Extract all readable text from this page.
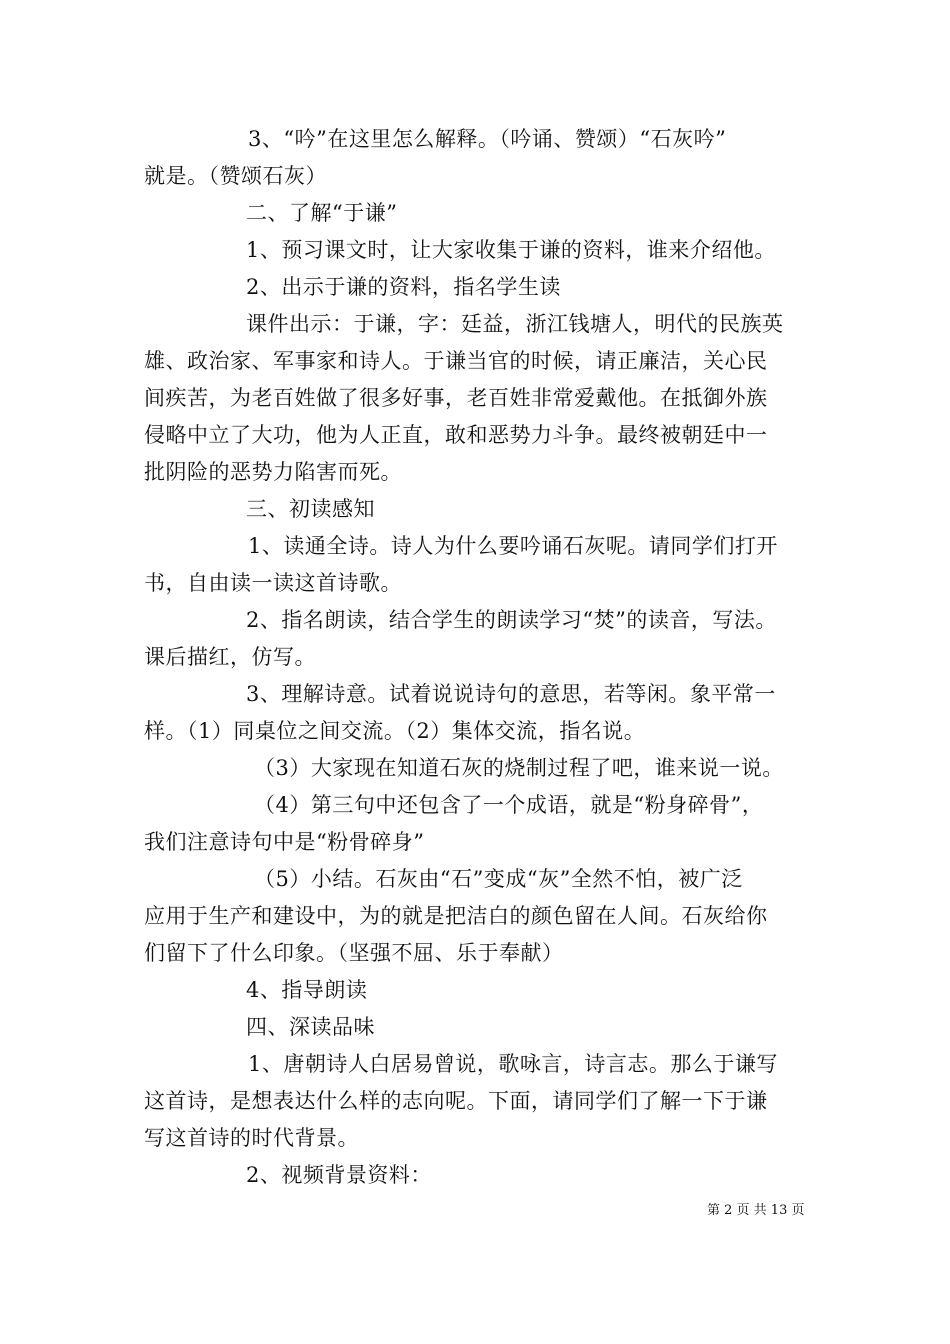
3、“吟”在这里怎么解释。（吟诵、赞颂）“石灰吟”
就是。（赞颂石灰）
二、了解“于谦”
1、预习课文时，让大家收集于谦的资料，谁来介绍他。
2、出示于谦的资料，指名学生读
课件出示：于谦，字：廷益，浙江钱塘人，明代的民族英
雄、政治家、军事家和诗人。于谦当官的时候，请正廉洁，关心民
间疾苦，为老百姓做了很多好事，老百姓非常爱戴他。在抵御外族
侵略中立了大功，他为人正直，敢和恶势力斗争。最终被朝廷中一
批阴险的恶势力陷害而死。
三、初读感知
1、读通全诗。诗人为什么要吟诵石灰呢。请同学们打开
书，自由读一读这首诗歌。
2、指名朗读，结合学生的朗读学习“焚”的读音，写法。
课后描红，仿写。
3、理解诗意。试着说说诗句的意思，若等闲。象平常一
样。（1）同桌位之间交流。（2）集体交流，指名说。
（3）大家现在知道石灰的烧制过程了吧，谁来说一说。
（4）第三句中还包含了一个成语，就是“粉身碎骨”，
我们注意诗句中是“粉骨碎身”
（5）小结。石灰由“石”变成“灰”全然不怕，被广泛
应用于生产和建设中，为的就是把洁白的颜色留在人间。石灰给你
们留下了什么印象。（坚强不屈、乐于奉献）
4、指导朗读
四、深读品味
1、唐朝诗人白居易曾说，歌咏言，诗言志。那么于谦写
这首诗，是想表达什么样的志向呢。下面，请同学们了解一下于谦
写这首诗的时代背景。
2、视频背景资料：
第 2 页 共 13 页
